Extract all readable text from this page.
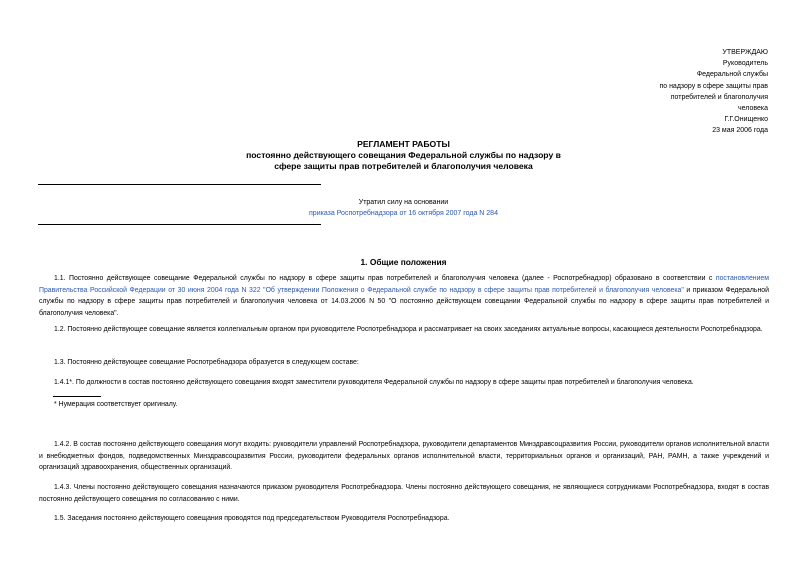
УТВЕРЖДАЮ
Руководитель
Федеральной службы
по надзору в сфере защиты прав
потребителей и благополучия
человека
Г.Г.Онищенко
23 мая 2006 года
РЕГЛАМЕНТ РАБОТЫ
постоянно действующего совещания Федеральной службы по надзору в
сфере защиты прав потребителей и благополучия человека
Утратил силу на основании
приказа Роспотребнадзора от 16 октября 2007 года N 284
1. Общие положения
1.1. Постоянно действующее совещание Федеральной службы по надзору в сфере защиты прав потребителей и благополучия человека (далее - Роспотребнадзор) образовано в соответствии с постановлением Правительства Российской Федерации от 30 июня 2004 года N 322 "Об утверждении Положения о Федеральной службе по надзору в сфере защиты прав потребителей и благополучия человека" и приказом Федеральной службы по надзору в сфере защиты прав потребителей и благополучия человека от 14.03.2006 N 50 "О постоянно действующем совещании Федеральной службы по надзору в сфере защиты прав потребителей и благополучия человека".
1.2. Постоянно действующее совещание является коллегиальным органом при руководителе Роспотребнадзора и рассматривает на своих заседаниях актуальные вопросы, касающиеся деятельности Роспотребнадзора.
1.3. Постоянно действующее совещание Роспотребнадзора образуется в следующем составе:
1.4.1*. По должности в состав постоянно действующего совещания входят заместители руководителя Федеральной службы по надзору в сфере защиты прав потребителей и благополучия человека.
* Нумерация соответствует оригиналу.
1.4.2. В состав постоянно действующего совещания могут входить: руководители управлений Роспотребнадзора, руководители департаментов Минздравсоцразвития России, руководители органов исполнительной власти и внебюджетных фондов, подведомственных Минздравсоцразвития России, руководители федеральных органов исполнительной власти, территориальных органов и организаций, РАН, РАМН, а также учреждений и организаций здравоохранения, общественных организаций.
1.4.3. Члены постоянно действующего совещания назначаются приказом руководителя Роспотребнадзора. Члены постоянно действующего совещания, не являющиеся сотрудниками Роспотребнадзора, входят в состав постоянно действующего совещания по согласованию с ними.
1.5. Заседания постоянно действующего совещания проводятся под председательством Руководителя Роспотребнадзора.
